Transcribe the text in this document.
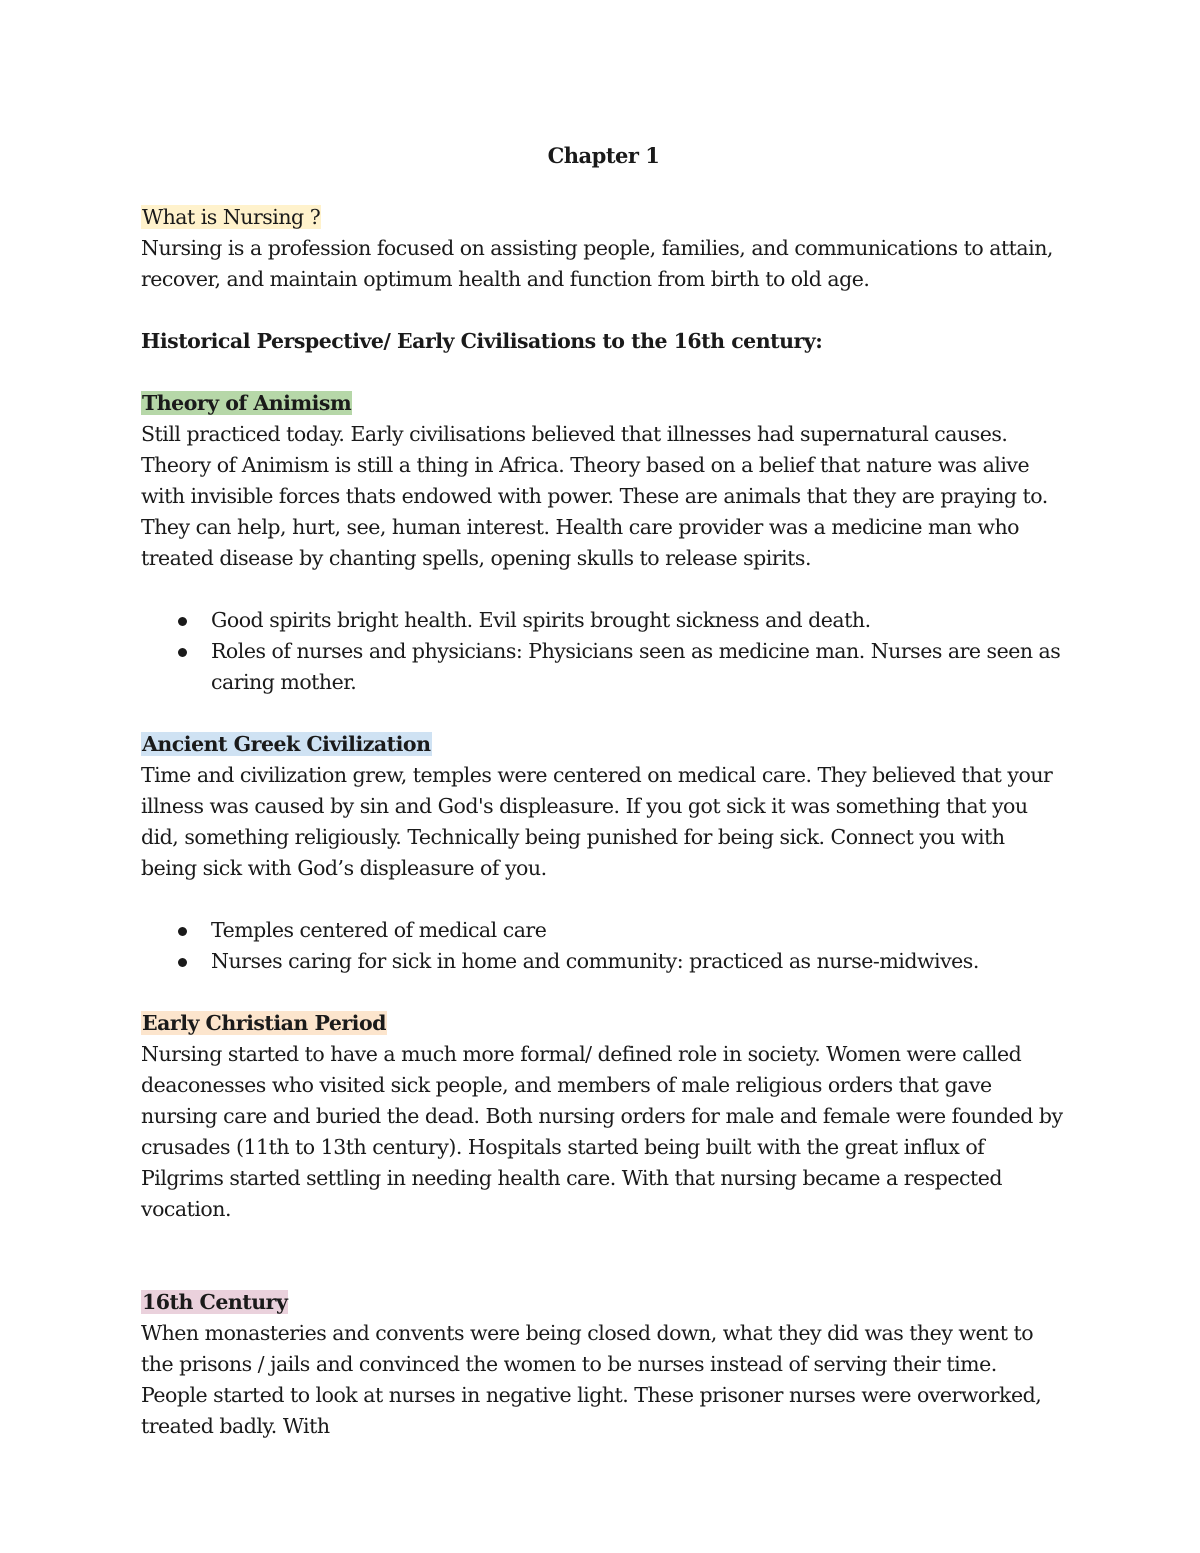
Chapter 1

What is Nursing ?

Nursing is a profession focused on assisting people, families, and communications to attain, recover, and maintain optimum health and function from birth to old age.

Historical Perspective/ Early Civilisations to the 16th century:

Theory of Animism

Still practiced today. Early civilisations believed that illnesses had supernatural causes. Theory of Animism is still a thing in Africa. Theory based on a belief that nature was alive with invisible forces thats endowed with power. These are animals that they are praying to. They can help, hurt, see, human interest. Health care provider was a medicine man who treated disease by chanting spells, opening skulls to release spirits.

Good spirits bright health. Evil spirits brought sickness and death.
Roles of nurses and physicians: Physicians seen as medicine man. Nurses are seen as caring mother.

Ancient Greek Civilization

Time and civilization grew, temples were centered on medical care. They believed that your illness was caused by sin and God's displeasure. If you got sick it was something that you did, something religiously. Technically being punished for being sick. Connect you with being sick with God’s displeasure of you.

Temples centered of medical care
Nurses caring for sick in home and community: practiced as nurse-midwives.

Early Christian Period

Nursing started to have a much more formal/ defined role in society. Women were called deaconesses who visited sick people, and members of male religious orders that gave nursing care and buried the dead. Both nursing orders for male and female were founded by crusades (11th to 13th century). Hospitals started being built with the great influx of Pilgrims started settling in needing health care. With that nursing became a respected vocation.

16th Century

When monasteries and convents were being closed down, what they did was they went to the prisons / jails and convinced the women to be nurses instead of serving their time. People started to look at nurses in negative light. These prisoner nurses were overworked, treated badly. With
